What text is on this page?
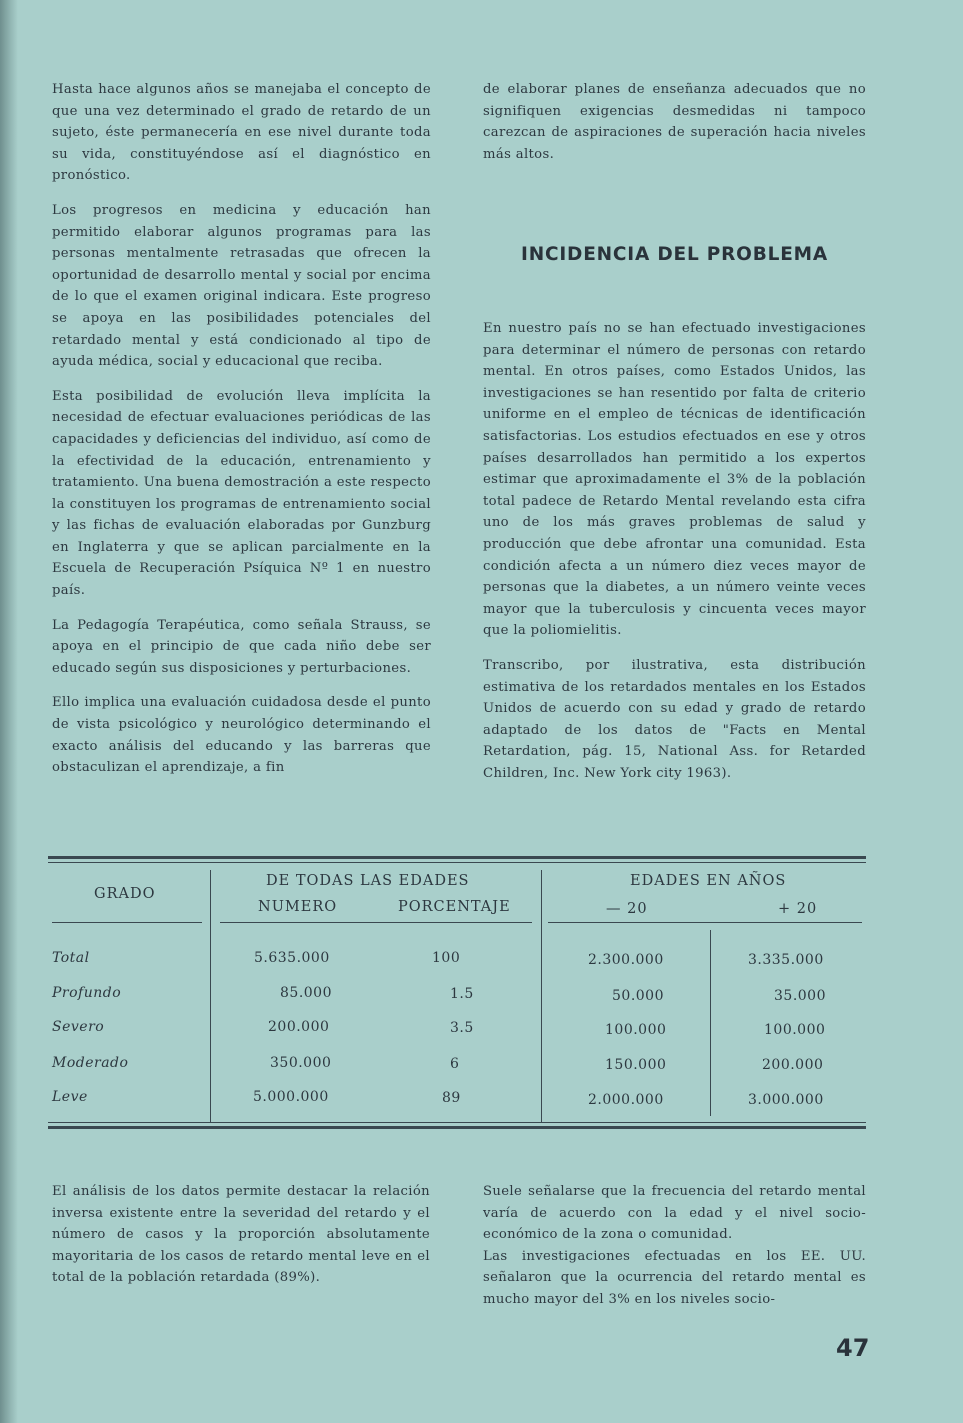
Hasta hace algunos años se manejaba el concepto de que una vez determinado el grado de retardo de un sujeto, éste permanecería en ese nivel durante toda su vida, constituyéndose así el diagnóstico en pronóstico.

Los progresos en medicina y educación han permitido elaborar algunos programas para las personas mentalmente retrasadas que ofrecen la oportunidad de desarrollo mental y social por encima de lo que el examen original indicara. Este progreso se apoya en las posibilidades potenciales del retardado mental y está condicionado al tipo de ayuda médica, social y educacional que reciba.

Esta posibilidad de evolución lleva implícita la necesidad de efectuar evaluaciones periódicas de las capacidades y deficiencias del individuo, así como de la efectividad de la educación, entrenamiento y tratamiento. Una buena demostración a este respecto la constituyen los programas de entrenamiento social y las fichas de evaluación elaboradas por Gunzburg en Inglaterra y que se aplican parcialmente en la Escuela de Recuperación Psíquica Nº 1 en nuestro país.

La Pedagogía Terapéutica, como señala Strauss, se apoya en el principio de que cada niño debe ser educado según sus disposiciones y perturbaciones.

Ello implica una evaluación cuidadosa desde el punto de vista psicológico y neurológico determinando el exacto análisis del educando y las barreras que obstaculizan el aprendizaje, a fin

de elaborar planes de enseñanza adecuados que no signifiquen exigencias desmedidas ni tampoco carezcan de aspiraciones de superación hacia niveles más altos.

INCIDENCIA DEL PROBLEMA

En nuestro país no se han efectuado investigaciones para determinar el número de personas con retardo mental. En otros países, como Estados Unidos, las investigaciones se han resentido por falta de criterio uniforme en el empleo de técnicas de identificación satisfactorias. Los estudios efectuados en ese y otros países desarrollados han permitido a los expertos estimar que aproximadamente el 3% de la población total padece de Retardo Mental revelando esta cifra uno de los más graves problemas de salud y producción que debe afrontar una comunidad. Esta condición afecta a un número diez veces mayor de personas que la diabetes, a un número veinte veces mayor que la tuberculosis y cincuenta veces mayor que la poliomielitis.

Transcribo, por ilustrativa, esta distribución estimativa de los retardados mentales en los Estados Unidos de acuerdo con su edad y grado de retardo adaptado de los datos de "Facts en Mental Retardation, pág. 15, National Ass. for Retarded Children, Inc. New York city 1963).

GRADO
DE TODAS LAS EDADES
NUMERO	PORCENTAJE
EDADES EN AÑOS
— 20	+ 20
Total	5.635.000	100	2.300.000	3.335.000
Profundo	85.000	1.5	50.000	35.000
Severo	200.000	3.5	100.000	100.000
Moderado	350.000	6	150.000	200.000
Leve	5.000.000	89	2.000.000	3.000.000

El análisis de los datos permite destacar la relación inversa existente entre la severidad del retardo y el número de casos y la proporción absolutamente mayoritaria de los casos de retardo mental leve en el total de la población retardada (89%).

Suele señalarse que la frecuencia del retardo mental varía de acuerdo con la edad y el nivel socio-económico de la zona o comunidad.

Las investigaciones efectuadas en los EE. UU. señalaron que la ocurrencia del retardo mental es mucho mayor del 3% en los niveles socio-

47
